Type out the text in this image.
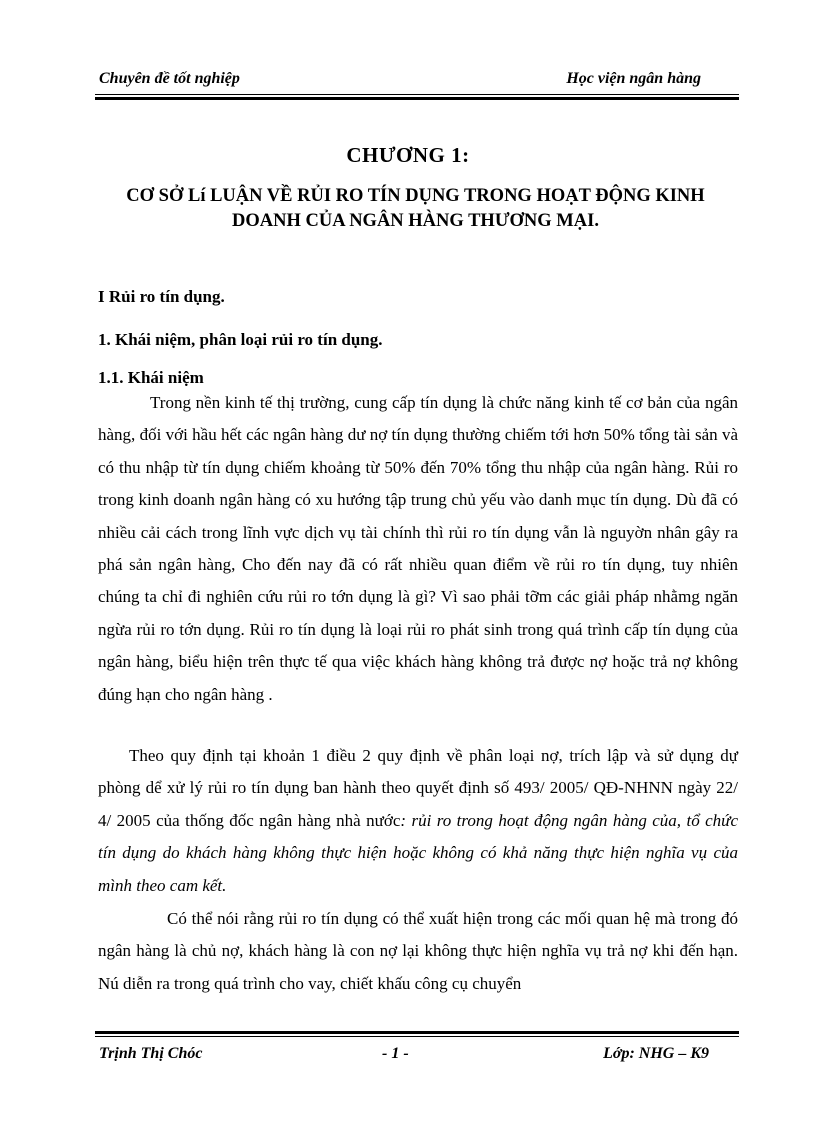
Chuyên đề tốt nghiệp	Học viện ngân hàng
CHƯƠNG 1:
CƠ SỞ Lí LUẬN VỀ RỦI RO TÍN DỤNG TRONG HOẠT ĐỘNG KINH DOANH CỦA NGÂN HÀNG THƯƠNG MẠI.
I Rủi ro tín dụng.
1. Khái niệm, phân loại rủi ro tín dụng.
1.1. Khái niệm
Trong nền kinh tế thị trường, cung cấp tín dụng là chức năng kinh tế cơ bản của ngân hàng, đối với hầu hết các ngân hàng dư nợ tín dụng thường chiếm tới hơn 50% tổng tài sản và có thu nhập từ tín dụng chiếm khoảng từ 50% đến 70% tổng thu nhập của ngân hàng. Rủi ro trong kinh doanh ngân hàng có xu hướng tập trung chủ yếu vào danh mục tín dụng. Dù đã có nhiều cải cách trong lĩnh vực dịch vụ tài chính thì rủi ro tín dụng vẫn là nguyờn nhân gây ra phá sản ngân hàng, Cho đến nay đã có rất nhiều quan điểm về rủi ro tín dụng, tuy nhiên chúng ta chỉ đi nghiên cứu rủi ro tớn dụng là gì? Vì sao phải tỡm các giải pháp nhằmg ngăn ngừa rủi ro tớn dụng. Rủi ro tín dụng là loại rủi ro phát sinh trong quá trình cấp tín dụng của ngân hàng, biểu hiện trên thực tế qua việc khách hàng không trả được nợ hoặc trả nợ không đúng hạn cho ngân hàng .
Theo quy định tại khoản 1 điều 2 quy định về phân loại nợ, trích lập và sử dụng dự phòng dể xử lý rủi ro tín dụng ban hành theo quyết định số 493/ 2005/ QĐ-NHNN ngày 22/ 4/ 2005 của thống đốc ngân hàng nhà nước: rủi ro trong hoạt động ngân hàng của, tổ chức tín dụng do khách hàng không thực hiện hoặc không có khả năng thực hiện nghĩa vụ của mình theo cam kết.
Có thể nói rằng rủi ro tín dụng có thể xuất hiện trong các mối quan hệ mà trong đó ngân hàng là chủ nợ, khách hàng là con nợ lại không thực hiện nghĩa vụ trả nợ khi đến hạn. Nú diễn ra trong quá trình cho vay, chiết khấu công cụ chuyển
Trịnh Thị Chóc	- 1 -	Lớp: NHG – K9
